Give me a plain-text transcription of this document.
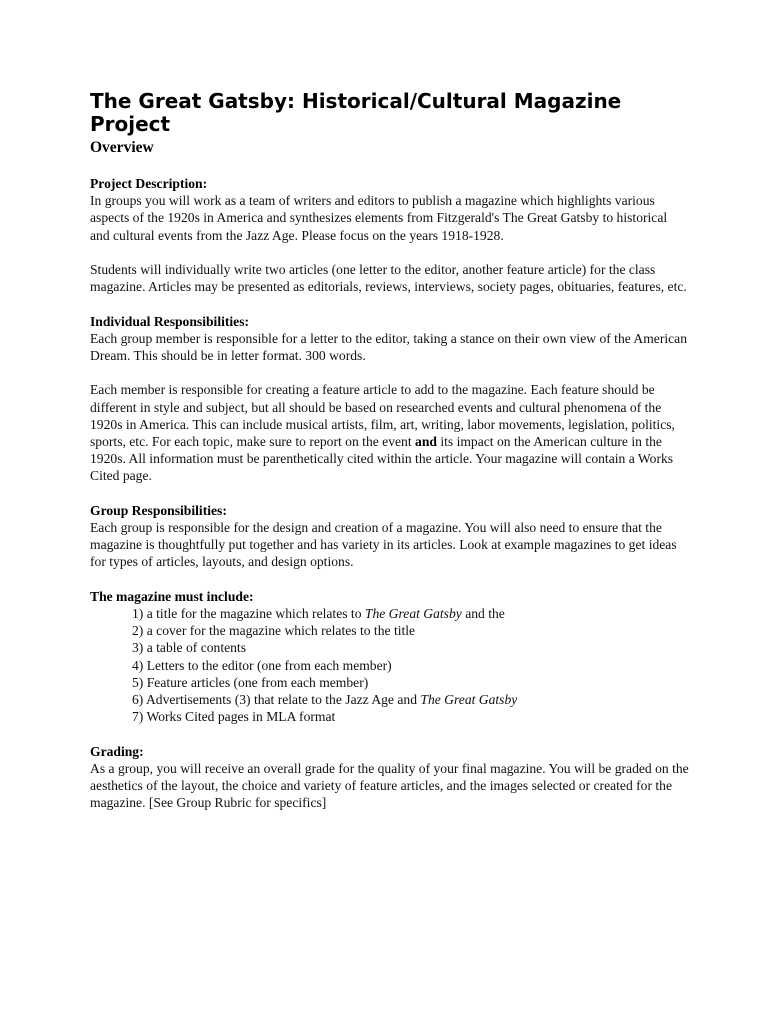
The Great Gatsby: Historical/Cultural Magazine Project
Overview
Project Description:

In groups you will work as a team of writers and editors to publish a magazine which highlights various aspects of the 1920s in America and synthesizes elements from Fitzgerald's The Great Gatsby to historical and cultural events from the Jazz Age. Please focus on the years 1918-1928.

Students will individually write two articles (one letter to the editor, another feature article) for the class magazine. Articles may be presented as editorials, reviews, interviews, society pages, obituaries, features, etc.

Individual Responsibilities:

Each group member is responsible for a letter to the editor, taking a stance on their own view of the American Dream. This should be in letter format. 300 words.

Each member is responsible for creating a feature article to add to the magazine. Each feature should be different in style and subject, but all should be based on researched events and cultural phenomena of the 1920s in America. This can include musical artists, film, art, writing, labor movements, legislation, politics, sports, etc. For each topic, make sure to report on the event and its impact on the American culture in the 1920s. All information must be parenthetically cited within the article. Your magazine will contain a Works Cited page.

Group Responsibilities:

Each group is responsible for the design and creation of a magazine. You will also need to ensure that the magazine is thoughtfully put together and has variety in its articles. Look at example magazines to get ideas for types of articles, layouts, and design options.

The magazine must include:
1) a title for the magazine which relates to The Great Gatsby and the
2) a cover for the magazine which relates to the title
3) a table of contents
4) Letters to the editor (one from each member)
5) Feature articles (one from each member)
6) Advertisements (3) that relate to the Jazz Age and The Great Gatsby
7) Works Cited pages in MLA format
Grading:

As a group, you will receive an overall grade for the quality of your final magazine. You will be graded on the aesthetics of the layout, the choice and variety of feature articles, and the images selected or created for the magazine. [See Group Rubric for specifics]
